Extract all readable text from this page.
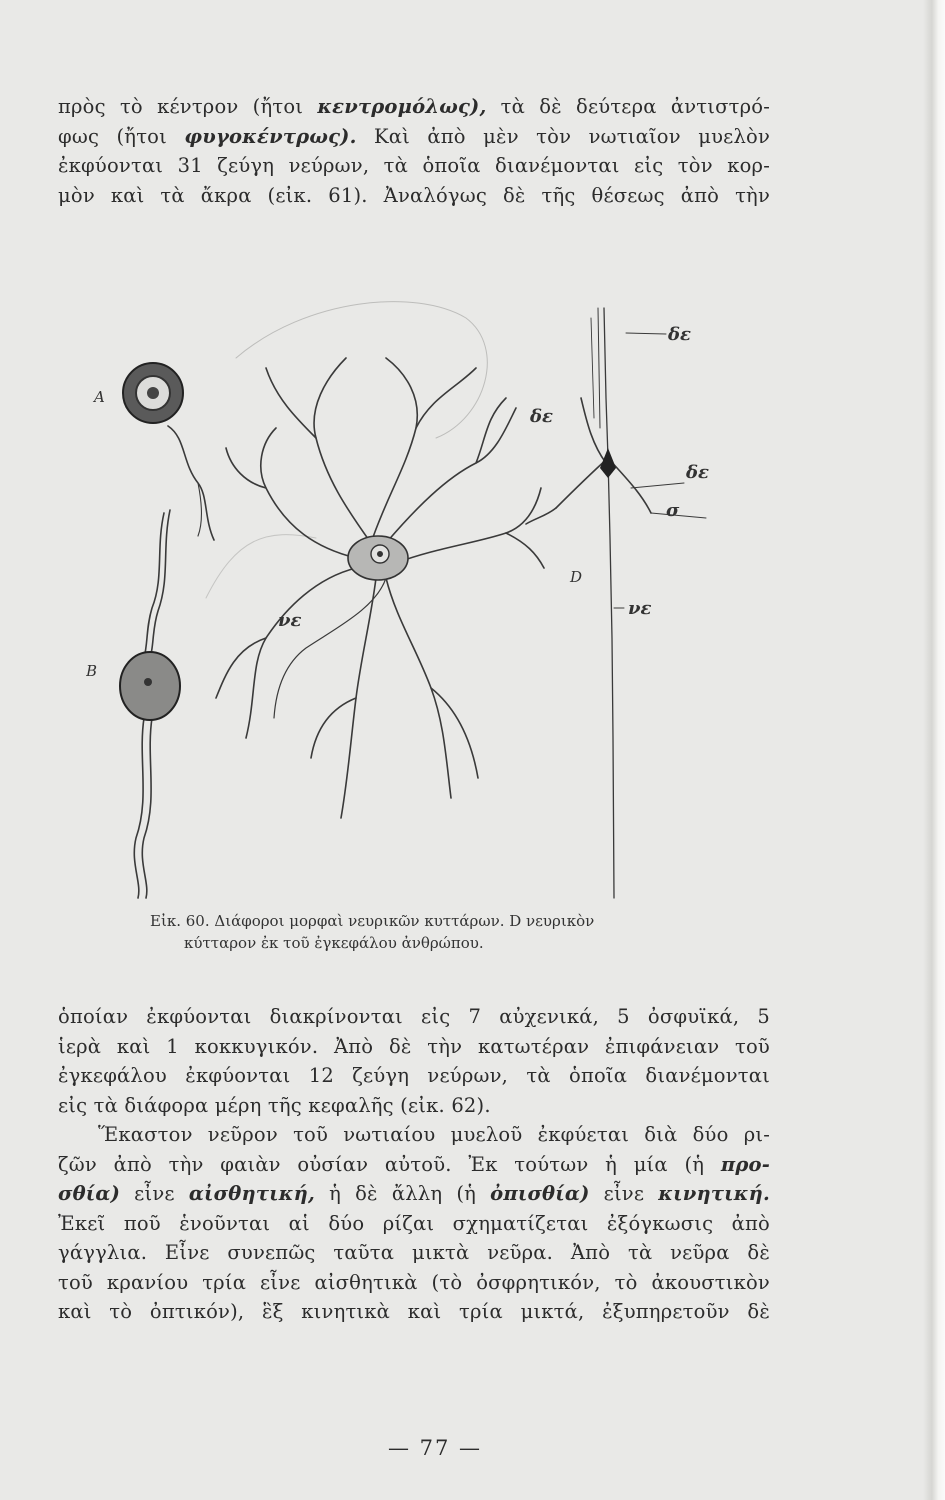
πρὸς τὸ κέντρον (ἤτοι κεντρομόλως), τὰ δὲ δεύτερα ἀντιστρό-
φως (ἤτοι φυγοκέντρως). Καὶ ἀπὸ μὲν τὸν νωτιαῖον μυελὸν
ἐκφύονται 31 ζεύγη νεύρων, τὰ ὁποῖα διανέμονται εἰς τὸν κορ-
μὸν καὶ τὰ ἄκρα (εἰκ. 61). Ἀναλόγως δὲ τῆς θέσεως ἀπὸ τὴν
A
B
D
δε
δε
δε
σ
νε
νε
Εἰκ. 60. Διάφοροι μορφαὶ νευρικῶν κυττάρων. D νευρικὸν
κύτταρον ἐκ τοῦ ἐγκεφάλου ἀνθρώπου.
ὁποίαν ἐκφύονται διακρίνονται εἰς 7 αὐχενικά, 5 ὀσφυϊκά, 5
ἱερὰ καὶ 1 κοκκυγικόν. Ἀπὸ δὲ τὴν κατωτέραν ἐπιφάνειαν τοῦ
ἐγκεφάλου ἐκφύονται 12 ζεύγη νεύρων, τὰ ὁποῖα διανέμονται
εἰς τὰ διάφορα μέρη τῆς κεφαλῆς (εἰκ. 62).
Ἕκαστον νεῦρον τοῦ νωτιαίου μυελοῦ ἐκφύεται διὰ δύο ρι-
ζῶν ἀπὸ τὴν φαιὰν οὐσίαν αὐτοῦ. Ἐκ τούτων ἡ μία (ἡ προ-
σθία) εἶνε αἰσθητική, ἡ δὲ ἄλλη (ἡ ὀπισθία) εἶνε κινητική.
Ἐκεῖ ποῦ ἑνοῦνται αἱ δύο ρίζαι σχηματίζεται ἐξόγκωσις ἀπὸ
γάγγλια. Εἶνε συνεπῶς ταῦτα μικτὰ νεῦρα. Ἀπὸ τὰ νεῦρα δὲ
τοῦ κρανίου τρία εἶνε αἰσθητικὰ (τὸ ὀσφρητικόν, τὸ ἀκουστικὸν
καὶ τὸ ὀπτικόν), ἓξ κινητικὰ καὶ τρία μικτά, ἐξυπηρετοῦν δὲ
— 77 —
